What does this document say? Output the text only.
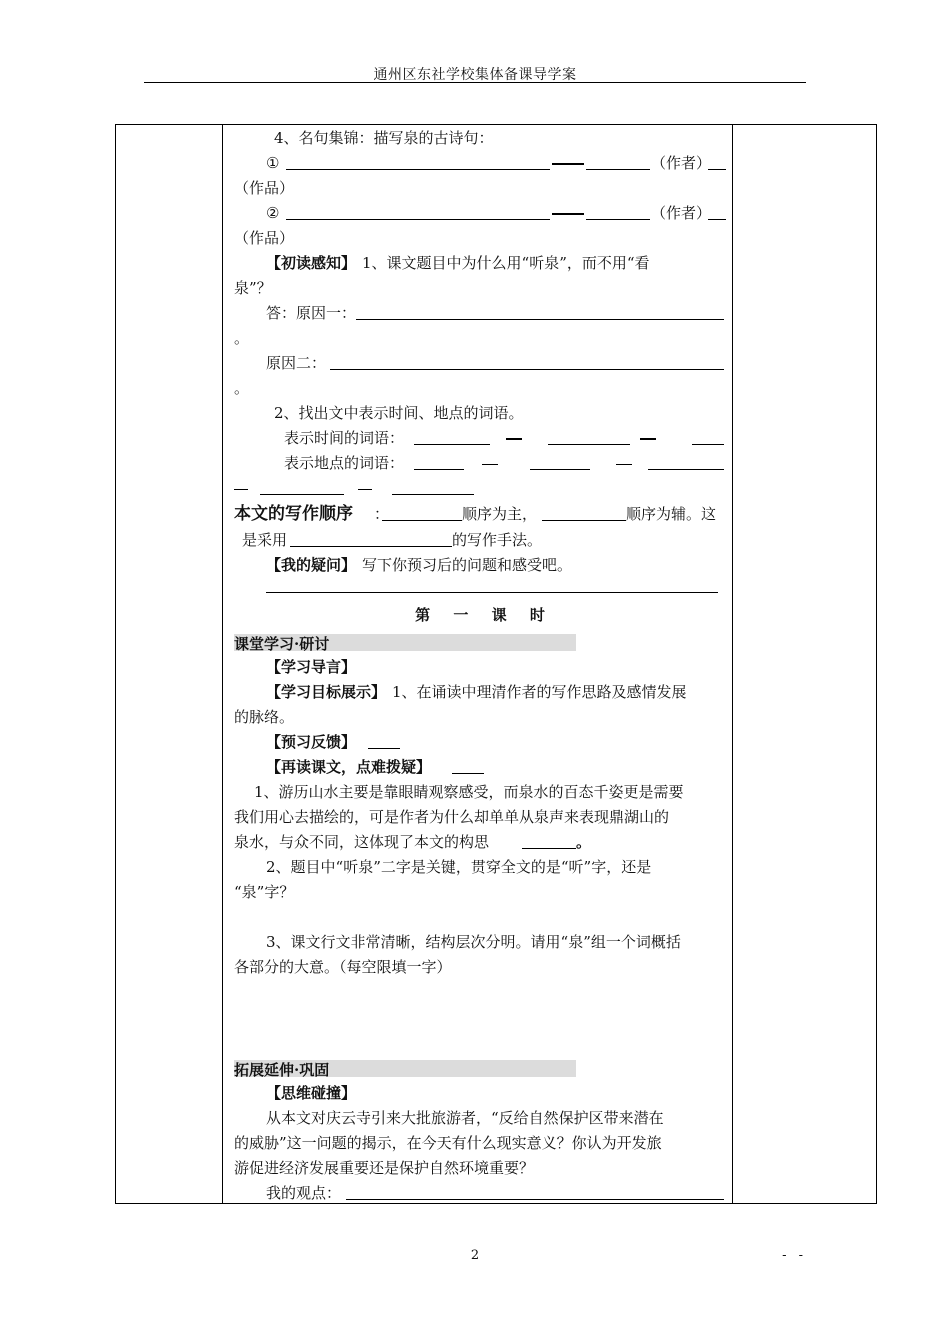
通州区东社学校集体备课导学案
4、名句集锦：描写泉的古诗句：
①	（作者）
（作品）
②	（作者）
（作品）
【初读感知】 1、课文题目中为什么用“听泉”，而不用“看
泉”？
答：原因一：
。
原因二：
。
2、找出文中表示时间、地点的词语。
表示时间的词语：
表示地点的词语：
本文的写作顺序 ：	顺序为主，	顺序为辅。这
是采用	的写作手法。
【我的疑问】 写下你预习后的问题和感受吧。
第 一 课 时
课堂学习·研讨
【学习导言】
【学习目标展示】 1、在诵读中理清作者的写作思路及感情发展
的脉络。
【预习反馈】
【再读课文，点难拨疑】
1、游历山水主要是靠眼睛观察感受，而泉水的百态千姿更是需要
我们用心去描绘的，可是作者为什么却单单从泉声来表现鼎湖山的
泉水，与众不同，这体现了本文的构思	。
2、题目中“听泉”二字是关键，贯穿全文的是“听”字，还是
“泉”字？
3、课文行文非常清晰，结构层次分明。请用“泉”组一个词概括
各部分的大意。（每空限填一字）
拓展延伸·巩固
【思维碰撞】
从本文对庆云寺引来大批旅游者，“反给自然保护区带来潜在
的威胁”这一问题的揭示，在今天有什么现实意义？你认为开发旅
游促进经济发展重要还是保护自然环境重要？
我的观点：
2	- -
